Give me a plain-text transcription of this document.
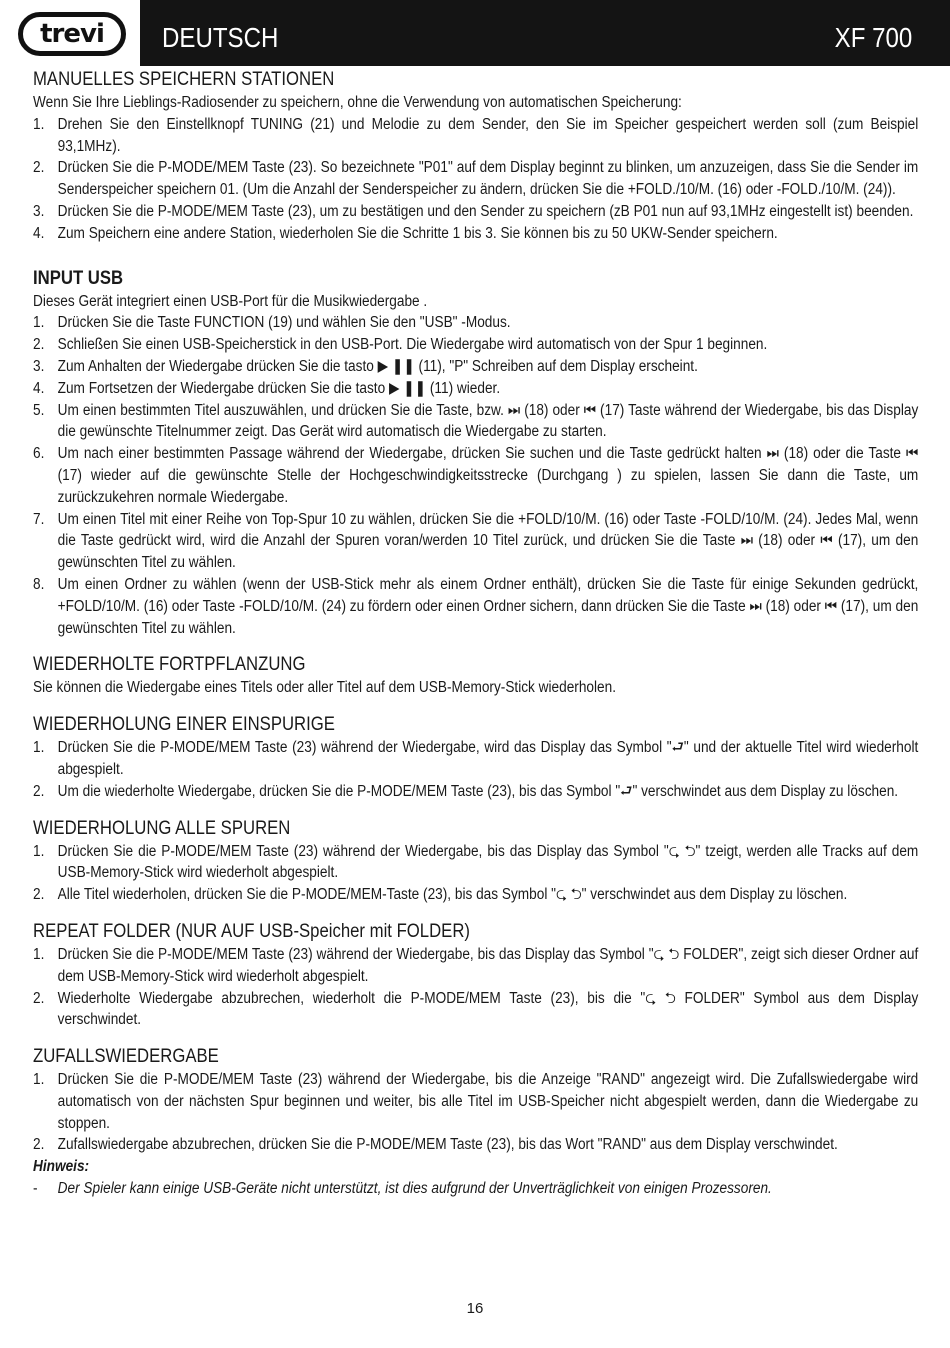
trevi	DEUTSCH	XF 700
MANUELLES SPEICHERN STATIONEN

Wenn Sie Ihre Lieblings-Radiosender zu speichern, ohne die Verwendung von automatischen Speicherung:

1. Drehen Sie den Einstellknopf TUNING (21) und Melodie zu dem Sender, den Sie im Speicher gespeichert werden soll (zum Beispiel 93,1MHz).
2. Drücken Sie die P-MODE/MEM Taste (23). So bezeichnete "P01" auf dem Display beginnt zu blinken, um anzuzeigen, dass Sie die Sender im Senderspeicher speichern 01. (Um die Anzahl der Senderspeicher zu ändern, drücken Sie die +FOLD./10/M. (16) oder -FOLD./10/M. (24)).
3. Drücken Sie die P-MODE/MEM Taste (23), um zu bestätigen und den Sender zu speichern (zB P01 nun auf 93,1MHz eingestellt ist) beenden.
4. Zum Speichern eine andere Station, wiederholen Sie die Schritte 1 bis 3. Sie können bis zu 50 UKW-Sender speichern.
INPUT USB

Dieses Gerät integriert einen USB-Port für die Musikwiedergabe .

1. Drücken Sie die Taste FUNCTION (19) und wählen Sie den "USB" -Modus.
2. Schließen Sie einen USB-Speicherstick in den USB-Port. Die Wiedergabe wird automatisch von der Spur 1 beginnen.
3. Zum Anhalten der Wiedergabe drücken Sie die tasto ▶ ❚❚ (11), "P" Schreiben auf dem Display erscheint.
4. Zum Fortsetzen der Wiedergabe drücken Sie die tasto ▶ ❚❚ (11) wieder.
5. Um einen bestimmten Titel auszuwählen, und drücken Sie die Taste, bzw. ⏭ (18) oder ⏮ (17) Taste während der Wiedergabe, bis das Display die gewünschte Titelnummer zeigt. Das Gerät wird automatisch die Wiedergabe zu starten.
6. Um nach einer bestimmten Passage während der Wiedergabe, drücken Sie suchen und die Taste gedrückt halten ⏭ (18) oder die Taste ⏮ (17) wieder auf die gewünschte Stelle der Hochgeschwindigkeitsstrecke (Durchgang ) zu spielen, lassen Sie dann die Taste, um zurückzukehren normale Wiedergabe.
7. Um einen Titel mit einer Reihe von Top-Spur 10 zu wählen, drücken Sie die +FOLD/10/M. (16) oder Taste -FOLD/10/M. (24). Jedes Mal, wenn die Taste gedrückt wird, wird die Anzahl der Spuren voran/werden 10 Titel zurück, und drücken Sie die Taste ⏭ (18) oder ⏮ (17), um den gewünschten Titel zu wählen.
8. Um einen Ordner zu wählen (wenn der USB-Stick mehr als einem Ordner enthält), drücken Sie die Taste für einige Sekunden gedrückt, +FOLD/10/M. (16) oder Taste -FOLD/10/M. (24) zu fördern oder einen Ordner sichern, dann drücken Sie die Taste ⏭ (18) oder ⏮ (17), um den gewünschten Titel zu wählen.
WIEDERHOLTE FORTPFLANZUNG

Sie können die Wiedergabe eines Titels oder aller Titel auf dem USB-Memory-Stick wiederholen.

WIEDERHOLUNG EINER EINSPURIGE
1. Drücken Sie die P-MODE/MEM Taste (23) während der Wiedergabe, wird das Display das Symbol "⮐" und der aktuelle Titel wird wiederholt abgespielt.
2. Um die wiederholte Wiedergabe, drücken Sie die P-MODE/MEM Taste (23), bis das Symbol "⮐" verschwindet aus dem Display zu löschen.
WIEDERHOLUNG ALLE SPUREN
1. Drücken Sie die P-MODE/MEM Taste (23) während der Wiedergabe, bis das Display das Symbol "⮎ ⮌" tzeigt, werden alle Tracks auf dem USB-Memory-Stick wird wiederholt abgespielt.
2. Alle Titel wiederholen, drücken Sie die P-MODE/MEM-Taste (23), bis das Symbol "⮎ ⮌" verschwindet aus dem Display zu löschen.
REPEAT FOLDER (NUR AUF USB-Speicher mit FOLDER)
1. Drücken Sie die P-MODE/MEM Taste (23) während der Wiedergabe, bis das Display das Symbol "⮎ ⮌ FOLDER", zeigt sich dieser Ordner auf dem USB-Memory-Stick wird wiederholt abgespielt.
2. Wiederholte Wiedergabe abzubrechen, wiederholt die P-MODE/MEM Taste (23), bis die "⮎ ⮌ FOLDER" Symbol aus dem Display verschwindet.
ZUFALLSWIEDERGABE
1. Drücken Sie die P-MODE/MEM Taste (23) während der Wiedergabe, bis die Anzeige "RAND" angezeigt wird. Die Zufallswiedergabe wird automatisch von der nächsten Spur beginnen und weiter, bis alle Titel im USB-Speicher nicht abgespielt werden, dann die Wiedergabe zu stoppen.
2. Zufallswiedergabe abzubrechen, drücken Sie die P-MODE/MEM Taste (23), bis das Wort "RAND" aus dem Display verschwindet.
Hinweis:
- Der Spieler kann einige USB-Geräte nicht unterstützt, ist dies aufgrund der Unverträglichkeit von einigen Prozessoren.
16
